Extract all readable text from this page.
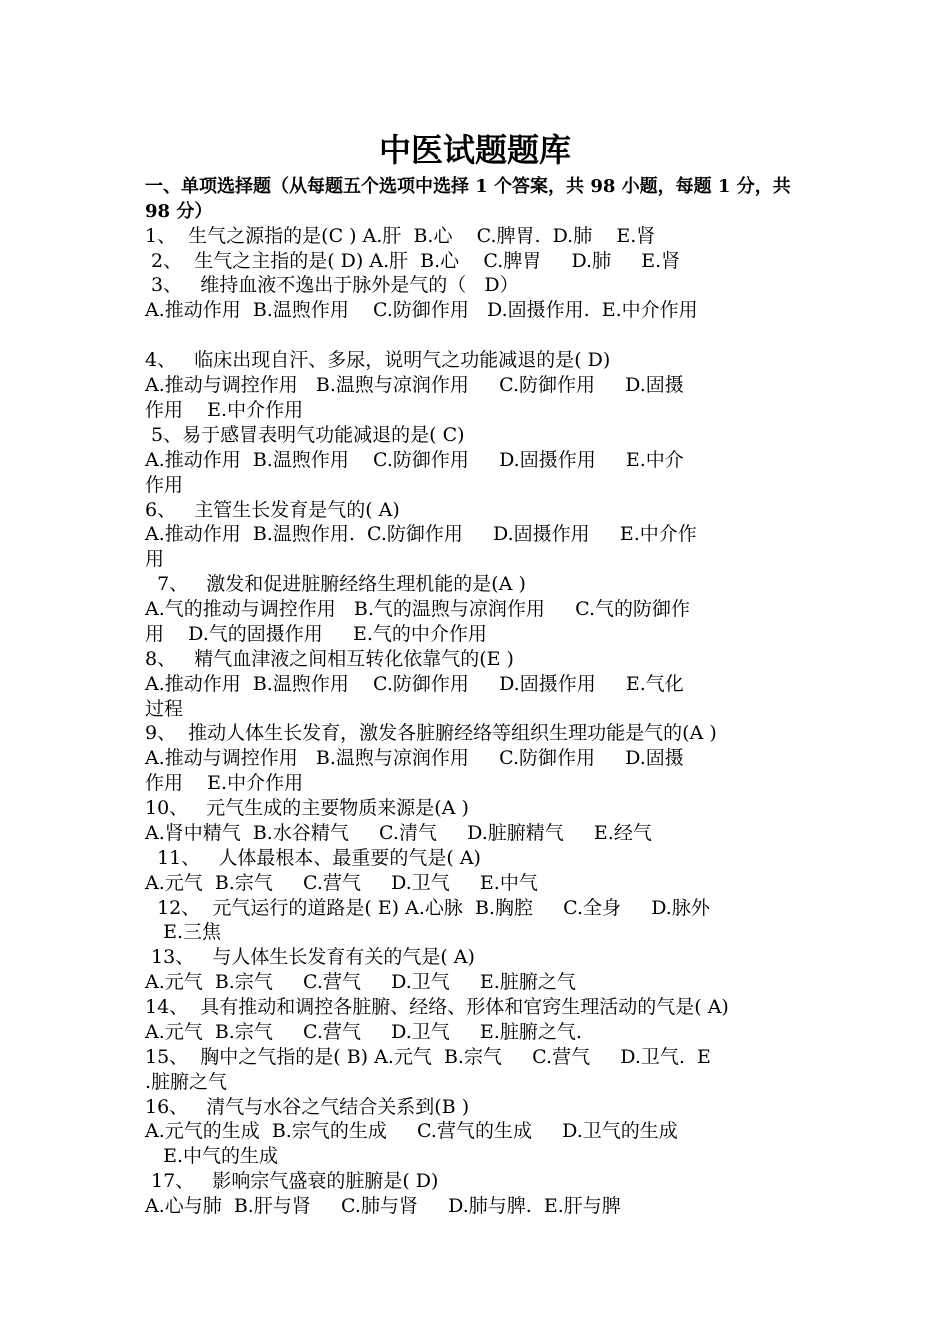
中医试题题库
一、单项选择题（从每题五个选项中选择 1 个答案，共 98 小题，每题 1 分，共 98 分）
1、  生气之源指的是(C ) A.肝  B.心    C.脾胃.  D.肺    E.肾
2、  生气之主指的是( D) A.肝  B.心    C.脾胃     D.肺     E.肾
3、   维持血液不逸出于脉外是气的（   D）
A.推动作用  B.温煦作用    C.防御作用   D.固摄作用.  E.中介作用
4、   临床出现自汗、多尿，说明气之功能减退的是( D)
A.推动与调控作用   B.温煦与凉润作用     C.防御作用     D.固摄
作用    E.中介作用
5、易于感冒表明气功能减退的是( C)
A.推动作用  B.温煦作用    C.防御作用     D.固摄作用     E.中介
作用
6、   主管生长发育是气的( A)
A.推动作用  B.温煦作用.  C.防御作用     D.固摄作用     E.中介作
用
7、   激发和促进脏腑经络生理机能的是(A )
A.气的推动与调控作用   B.气的温煦与凉润作用     C.气的防御作
用    D.气的固摄作用     E.气的中介作用
8、   精气血津液之间相互转化依靠气的(E )
A.推动作用  B.温煦作用    C.防御作用     D.固摄作用     E.气化
过程
9、  推动人体生长发育，激发各脏腑经络等组织生理功能是气的(A )
A.推动与调控作用   B.温煦与凉润作用     C.防御作用     D.固摄
作用    E.中介作用
10、   元气生成的主要物质来源是(A )
A.肾中精气  B.水谷精气     C.清气     D.脏腑精气     E.经气
11、   人体最根本、最重要的气是( A)
A.元气  B.宗气     C.营气     D.卫气     E.中气
12、  元气运行的道路是( E) A.心脉  B.胸腔     C.全身     D.脉外
E.三焦
13、   与人体生长发育有关的气是( A)
A.元气  B.宗气     C.营气     D.卫气     E.脏腑之气
14、  具有推动和调控各脏腑、经络、形体和官窍生理活动的气是( A)
A.元气  B.宗气     C.营气     D.卫气     E.脏腑之气.
15、  胸中之气指的是( B) A.元气  B.宗气     C.营气     D.卫气.  E
.脏腑之气
16、   清气与水谷之气结合关系到(B )
A.元气的生成  B.宗气的生成     C.营气的生成     D.卫气的生成
E.中气的生成
17、   影响宗气盛衰的脏腑是( D)
A.心与肺  B.肝与肾     C.肺与肾     D.肺与脾.  E.肝与脾
